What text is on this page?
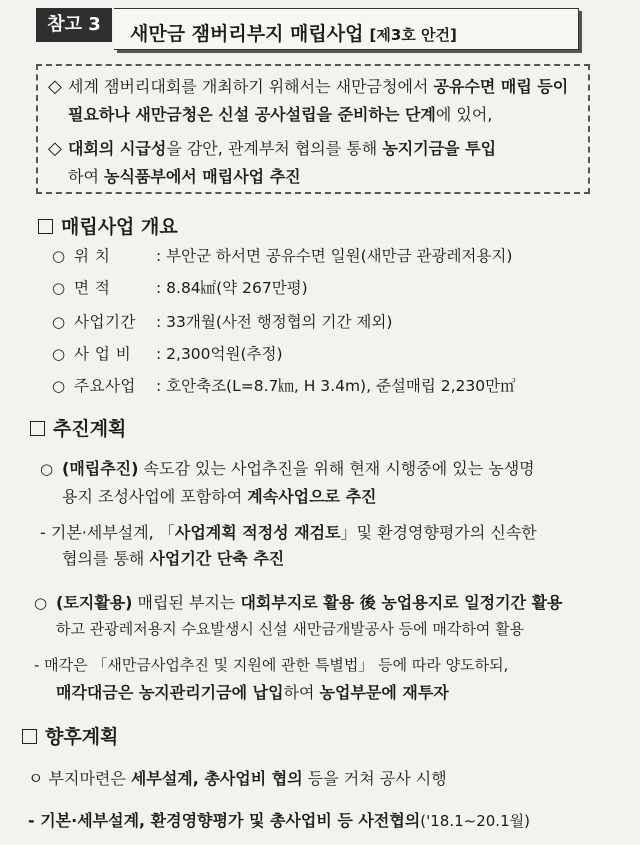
참고 3	새만금 잼버리부지 매립사업 [제3호 안건]
◇ 세계 잼버리대회를 개최하기 위해서는 새만금청에서 공유수면 매립 등이
필요하나 새만금청은 신설 공사설립을 준비하는 단계에 있어,
◇ 대회의 시급성을 감안, 관계부처 협의를 통해 농지기금을 투입
하여 농식품부에서 매립사업 추진
매립사업 개요
○ 위 치	: 부안군 하서면 공유수면 일원(새만금 관광레저용지)
○ 면 적	: 8.84㎢(약 267만평)
○ 사업기간 : 33개월(사전 행정협의 기간 제외)
○ 사 업 비 : 2,300억원(추정)
○ 주요사업 : 호안축조(L=8.7㎞, H 3.4m), 준설매립 2,230만㎥
추진계획
○ (매립추진) 속도감 있는 사업추진을 위해 현재 시행중에 있는 농생명
용지 조성사업에 포함하여 계속사업으로 추진
- 기본·세부설계, 「사업계획 적정성 재검토」및 환경영향평가의 신속한
협의를 통해 사업기간 단축 추진
○ (토지활용) 매립된 부지는 대회부지로 활용 後 농업용지로 일정기간 활용
하고 관광레저용지 수요발생시 신설 새만금개발공사 등에 매각하여 활용
- 매각은 「새만금사업추진 및 지원에 관한 특별법」 등에 따라 양도하되,
매각대금은 농지관리기금에 납입하여 농업부문에 재투자
향후계획
ㅇ 부지마련은 세부설계, 총사업비 협의 등을 거쳐 공사 시행
- 기본·세부설계, 환경영향평가 및 총사업비 등 사전협의('18.1∼20.1월)
